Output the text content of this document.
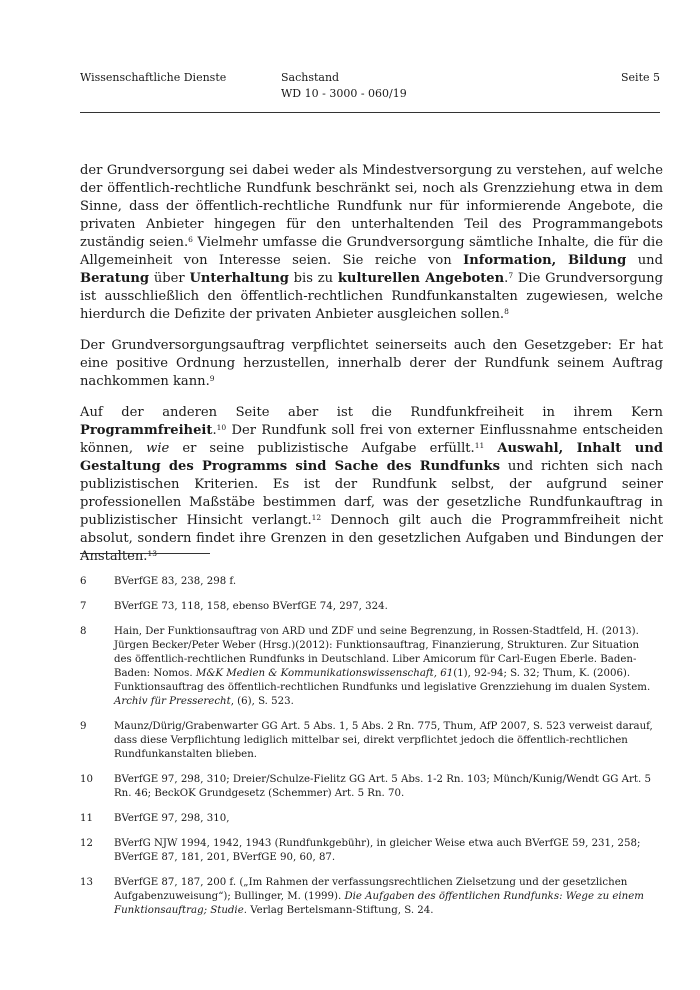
Wissenschaftliche Dienste	Sachstand
WD 10 - 3000 - 060/19
Seite 5

der Grundversorgung sei dabei weder als Mindestversorgung zu verstehen, auf welche der öffentlich-rechtliche Rundfunk beschränkt sei, noch als Grenzziehung etwa in dem Sinne, dass der öffentlich-rechtliche Rundfunk nur für informierende Angebote, die privaten Anbieter hingegen für den unterhaltenden Teil des Programmangebots zuständig seien.$^6$ Vielmehr umfasse die Grundversorgung sämtliche Inhalte, die für die Allgemeinheit von Interesse seien. Sie reiche von Information, Bildung und Beratung über Unterhaltung bis zu kulturellen Angeboten.$^7$ Die Grundversorgung ist ausschließlich den öffentlich-rechtlichen Rundfunkanstalten zugewiesen, welche hierdurch die Defizite der privaten Anbieter ausgleichen sollen.$^8$

Der Grundversorgungsauftrag verpflichtet seinerseits auch den Gesetzgeber: Er hat eine positive Ordnung herzustellen, innerhalb derer der Rundfunk seinem Auftrag nachkommen kann.$^9$

Auf der anderen Seite aber ist die Rundfunkfreiheit in ihrem Kern Programmfreiheit.$^{10}$ Der Rundfunk soll frei von externer Einflussnahme entscheiden können, wie er seine publizistische Aufgabe erfüllt.$^{11}$ Auswahl, Inhalt und Gestaltung des Programms sind Sache des Rundfunks und richten sich nach publizistischen Kriterien. Es ist der Rundfunk selbst, der aufgrund seiner professionellen Maßstäbe bestimmen darf, was der gesetzliche Rundfunkauftrag in publizistischer Hinsicht verlangt.$^{12}$ Dennoch gilt auch die Programmfreiheit nicht absolut, sondern findet ihre Grenzen in den gesetzlichen Aufgaben und Bindungen der Anstalten.$^{13}$

6	BVerfGE 83, 238, 298 f.
7	BVerfGE 73, 118, 158, ebenso BVerfGE 74, 297, 324.
8	Hain, Der Funktionsauftrag von ARD und ZDF und seine Begrenzung, in Rossen-Stadtfeld, H. (2013). Jürgen Becker/Peter Weber (Hrsg.)(2012): Funktionsauftrag, Finanzierung, Strukturen. Zur Situation des öffentlich-rechtlichen Rundfunks in Deutschland. Liber Amicorum für Carl-Eugen Eberle. Baden-Baden: Nomos. M&K Medien & Kommunikationswissenschaft, 61(1), 92-94; S. 32; Thum, K. (2006). Funktionsauftrag des öffentlich-rechtlichen Rundfunks und legislative Grenzziehung im dualen System. Archiv für Presserecht, (6), S. 523.
9	Maunz/Dürig/Grabenwarter GG Art. 5 Abs. 1, 5 Abs. 2 Rn. 775, Thum, AfP 2007, S. 523 verweist darauf, dass diese Verpflichtung lediglich mittelbar sei, direkt verpflichtet jedoch die öffentlich-rechtlichen Rundfunkanstalten blieben.
10 BVerfGE 97, 298, 310; Dreier/Schulze-Fielitz GG Art. 5 Abs. 1-2 Rn. 103; Münch/Kunig/Wendt GG Art. 5 Rn. 46; BeckOK Grundgesetz (Schemmer) Art. 5 Rn. 70.
11 BVerfGE 97, 298, 310,
12 BVerfG NJW 1994, 1942, 1943 (Rundfunkgebühr), in gleicher Weise etwa auch BVerfGE 59, 231, 258; BVerfGE 87, 181, 201, BVerfGE 90, 60, 87.
13 BVerfGE 87, 187, 200 f. („Im Rahmen der verfassungsrechtlichen Zielsetzung und der gesetzlichen Aufgabenzuweisung“); Bullinger, M. (1999). Die Aufgaben des öffentlichen Rundfunks: Wege zu einem Funktionsauftrag; Studie. Verlag Bertelsmann-Stiftung, S. 24.
